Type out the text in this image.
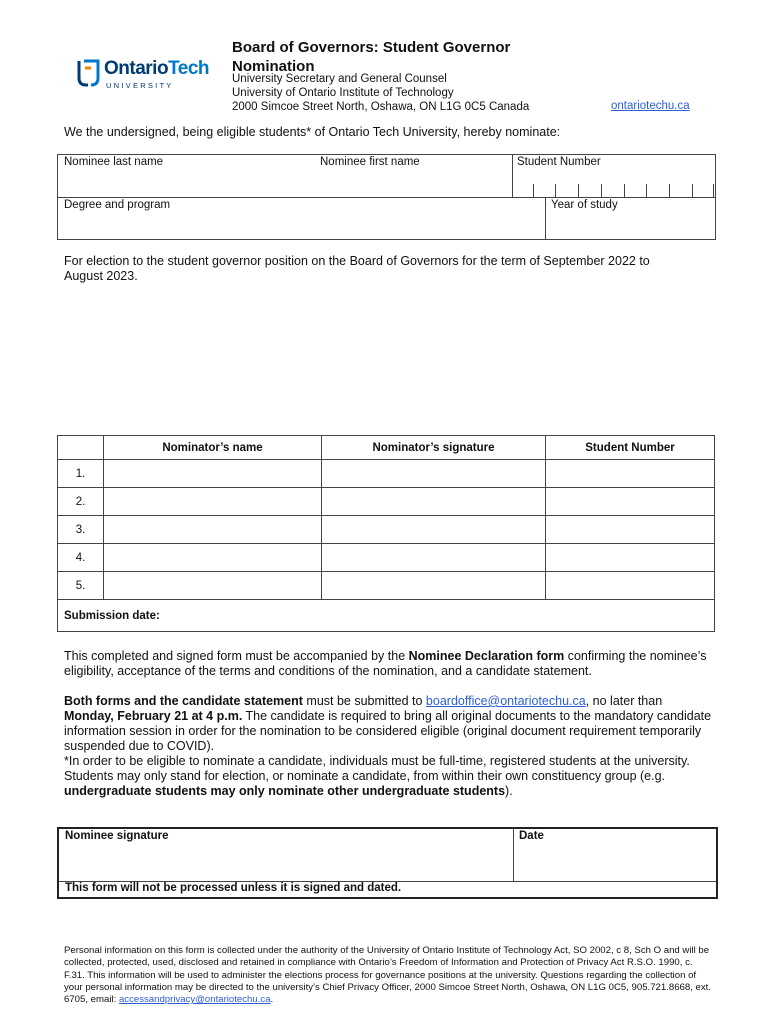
OntarioTech
UNIVERSITY
Board of Governors: Student Governor
Nomination
University Secretary and General Counsel
University of Ontario Institute of Technology
2000 Simcoe Street North, Oshawa, ON L1G 0C5 Canada	ontariotechu.ca
We the undersigned, being eligible students* of Ontario Tech University, hereby nominate:
Nominee last name	Nominee first name	Student Number
Degree and program	Year of study
For election to the student governor position on the Board of Governors for the term of September 2022 to August 2023.
	Nominator’s name	Nominator’s signature	Student Number
1.			
2.			
3.			
4.			
5.			
Submission date:			
This completed and signed form must be accompanied by the Nominee Declaration form confirming the nominee’s eligibility, acceptance of the terms and conditions of the nomination, and a candidate statement.
Both forms and the candidate statement must be submitted to boardoffice@ontariotechu.ca, no later than Monday, February 21 at 4 p.m. The candidate is required to bring all original documents to the mandatory candidate information session in order for the nomination to be considered eligible (original document requirement temporarily suspended due to COVID).
*In order to be eligible to nominate a candidate, individuals must be full-time, registered students at the university. Students may only stand for election, or nominate a candidate, from within their own constituency group (e.g. undergraduate students may only nominate other undergraduate students).
Nominee signature	Date
This form will not be processed unless it is signed and dated.
Personal information on this form is collected under the authority of the University of Ontario Institute of Technology Act, SO 2002, c 8, Sch O and will be collected, protected, used, disclosed and retained in compliance with Ontario’s Freedom of Information and Protection of Privacy Act R.S.O. 1990, c. F.31. This information will be used to administer the elections process for governance positions at the university. Questions regarding the collection of your personal information may be directed to the university’s Chief Privacy Officer, 2000 Simcoe Street North, Oshawa, ON L1G 0C5, 905.721.8668, ext. 6705, email: accessandprivacy@ontariotechu.ca.
